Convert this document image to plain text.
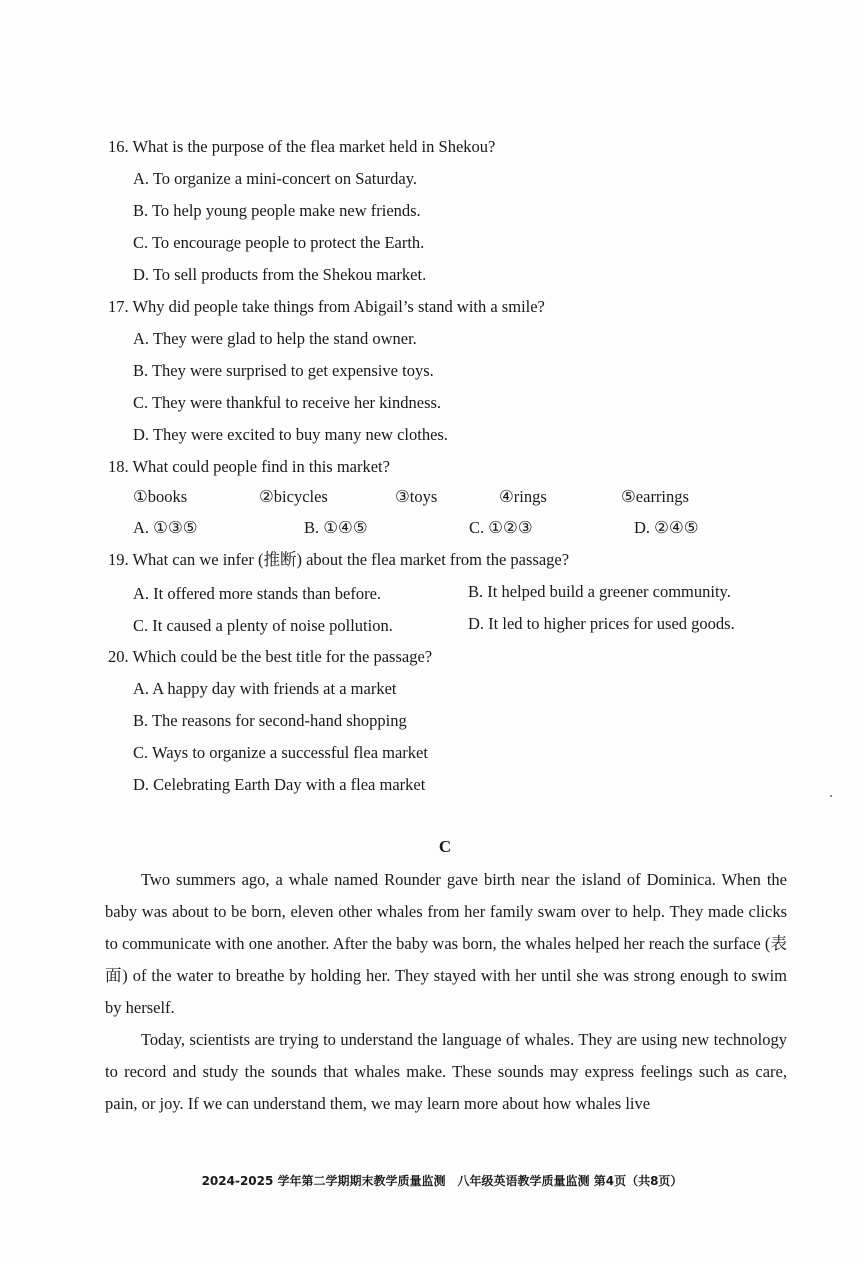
16. What is the purpose of the flea market held in Shekou?
A. To organize a mini-concert on Saturday.
B. To help young people make new friends.
C. To encourage people to protect the Earth.
D. To sell products from the Shekou market.
17. Why did people take things from Abigail’s stand with a smile?
A. They were glad to help the stand owner.
B. They were surprised to get expensive toys.
C. They were thankful to receive her kindness.
D. They were excited to buy many new clothes.
18. What could people find in this market?
①books	②bicycles	③toys	④rings	⑤earrings
A. ①③⑤	B. ①④⑤	C. ①②③	D. ②④⑤
19. What can we infer (推断) about the flea market from the passage?
A. It offered more stands than before.	B. It helped build a greener community.
C. It caused a plenty of noise pollution.	D. It led to higher prices for used goods.
20. Which could be the best title for the passage?
A. A happy day with friends at a market
B. The reasons for second-hand shopping
C. Ways to organize a successful flea market
D. Celebrating Earth Day with a flea market
C
Two summers ago, a whale named Rounder gave birth near the island of Dominica. When the baby was about to be born, eleven other whales from her family swam over to help. They made clicks to communicate with one another. After the baby was born, the whales helped her reach the surface (表面) of the water to breathe by holding her. They stayed with her until she was strong enough to swim by herself.
Today, scientists are trying to understand the language of whales. They are using new technology to record and study the sounds that whales make. These sounds may express feelings such as care, pain, or joy. If we can understand them, we may learn more about how whales live
2024-2025 学年第二学期期末教学质量监测　八年级英语教学质量监测 第4页（共8页）
